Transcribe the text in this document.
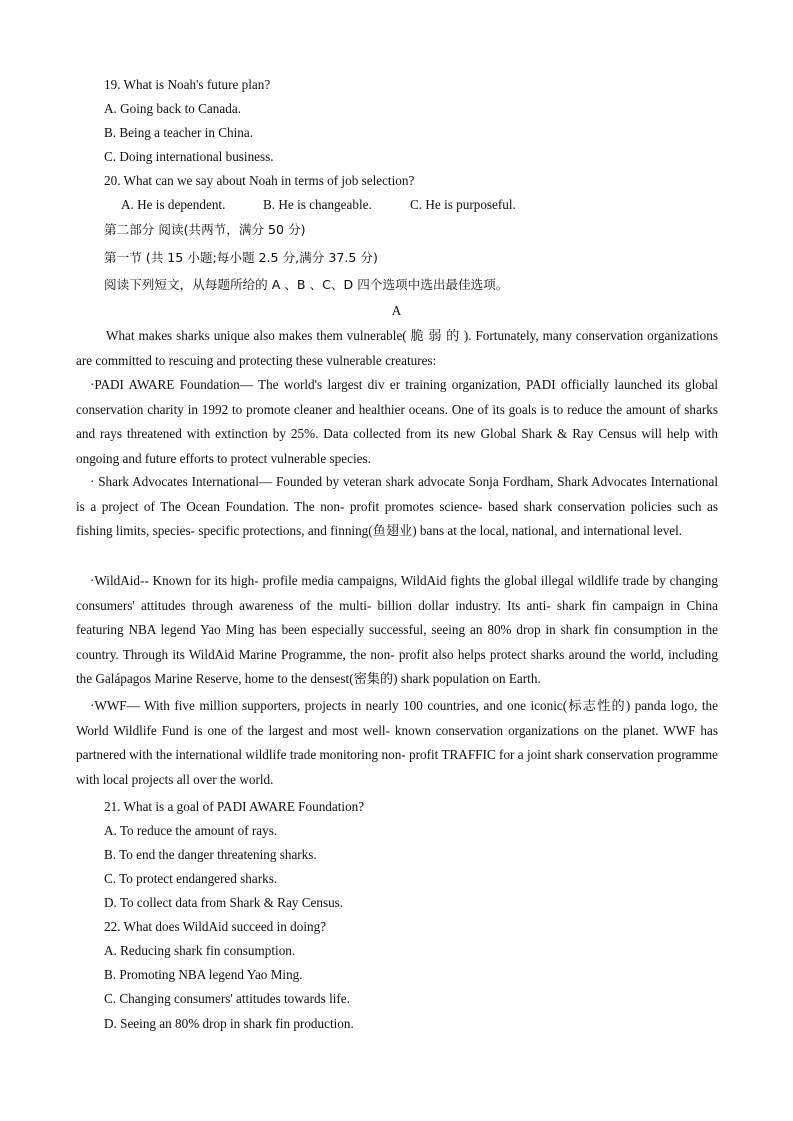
19. What is Noah's future plan?
A. Going back to Canada.
B. Being a teacher in China.
C. Doing international business.
20. What can we say about Noah in terms of job selection?
A. He is dependent.	B. He is changeable.	C. He is purposeful.
第二部分 阅读(共两节，满分 50 分)
第一节 (共 15 小题;每小题 2.5 分,满分 37.5 分)
阅读下列短文，从每题所给的 A 、B 、C、D 四个选项中选出最佳选项。
A

What makes sharks unique also makes them vulnerable( 脆 弱 的 ). Fortunately, many conservation organizations are committed to rescuing and protecting these vulnerable creatures:

·PADI AWARE Foundation— The world's largest div er training organization, PADI officially launched its global conservation charity in 1992 to promote cleaner and healthier oceans. One of its goals is to reduce the amount of sharks and rays threatened with extinction by 25%. Data collected from its new Global Shark & Ray Census will help with ongoing and future efforts to protect vulnerable species.

· Shark Advocates International— Founded by veteran shark advocate Sonja Fordham, Shark Advocates International is a project of The Ocean Foundation. The non- profit promotes science- based shark conservation policies such as fishing limits, species- specific protections, and finning(鱼翅业) bans at the local, national, and international level.

·WildAid-- Known for its high- profile media campaigns, WildAid fights the global illegal wildlife trade by changing consumers' attitudes through awareness of the multi- billion dollar industry. Its anti- shark fin campaign in China featuring NBA legend Yao Ming has been especially successful, seeing an 80% drop in shark fin consumption in the country. Through its WildAid Marine Programme, the non- profit also helps protect sharks around the world, including the Galápagos Marine Reserve, home to the densest(密集的) shark population on Earth.

·WWF— With five million supporters, projects in nearly 100 countries, and one iconic(标志性的) panda logo, the World Wildlife Fund is one of the largest and most well- known conservation organizations on the planet. WWF has partnered with the international wildlife trade monitoring non- profit TRAFFIC for a joint shark conservation programme with local projects all over the world.

21. What is a goal of PADI AWARE Foundation?
A. To reduce the amount of rays.
B. To end the danger threatening sharks.
C. To protect endangered sharks.
D. To collect data from Shark & Ray Census.
22. What does WildAid succeed in doing?
A. Reducing shark fin consumption.
B. Promoting NBA legend Yao Ming.
C. Changing consumers' attitudes towards life.
D. Seeing an 80% drop in shark fin production.
